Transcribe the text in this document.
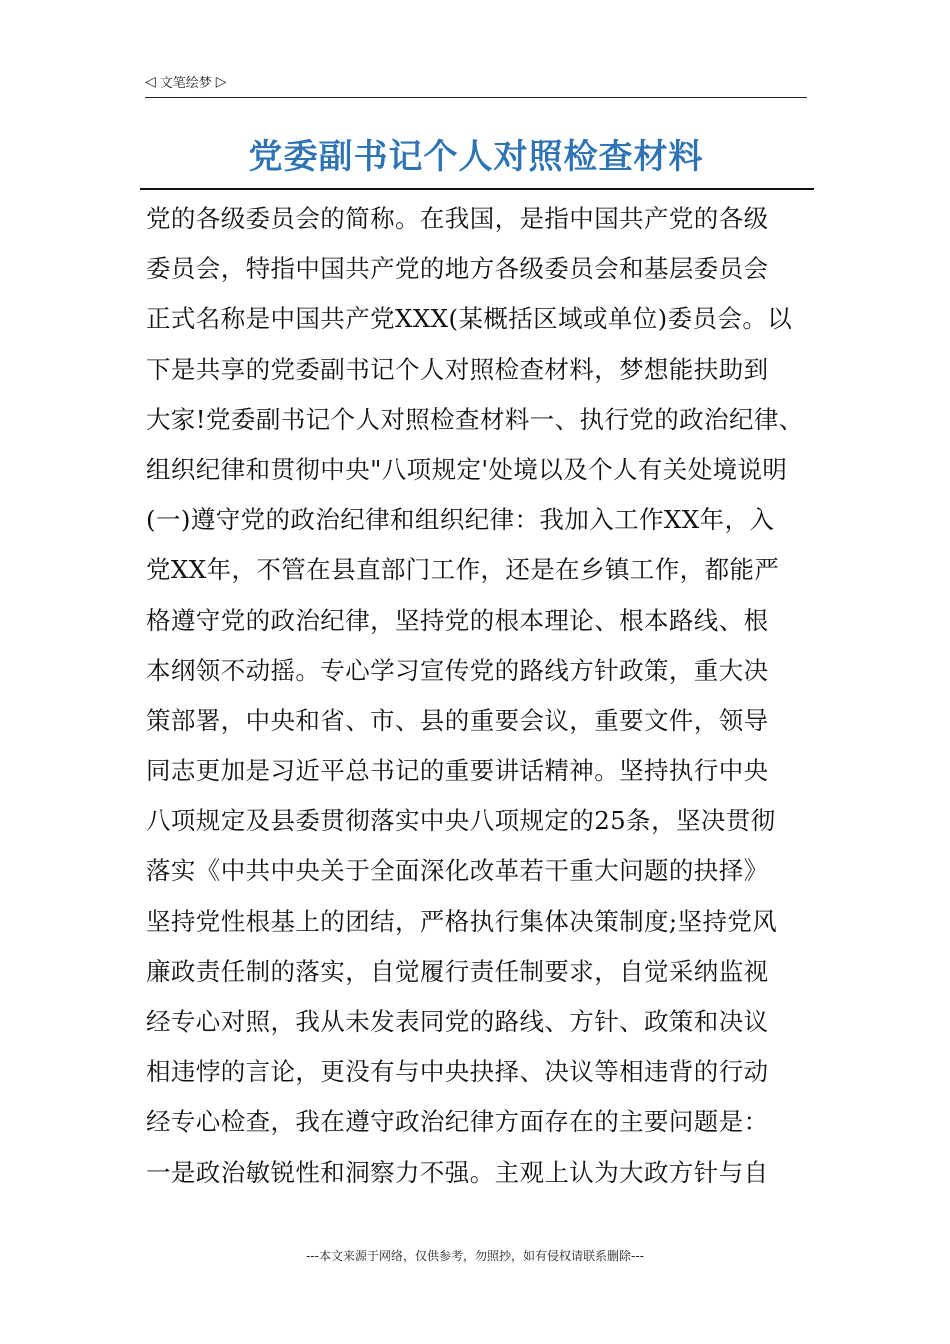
◁ 文笔绘梦 ▷
党委副书记个人对照检查材料
党的各级委员会的简称。在我国，是指中国共产党的各级
委员会，特指中国共产党的地方各级委员会和基层委员会
正式名称是中国共产党XXX(某概括区域或单位)委员会。以
下是共享的党委副书记个人对照检查材料，梦想能扶助到
大家!党委副书记个人对照检查材料一、执行党的政治纪律、
组织纪律和贯彻中央"八项规定'处境以及个人有关处境说明
(一)遵守党的政治纪律和组织纪律：我加入工作XX年，入
党XX年，不管在县直部门工作，还是在乡镇工作，都能严
格遵守党的政治纪律，坚持党的根本理论、根本路线、根
本纲领不动摇。专心学习宣传党的路线方针政策，重大决
策部署，中央和省、市、县的重要会议，重要文件，领导
同志更加是习近平总书记的重要讲话精神。坚持执行中央
八项规定及县委贯彻落实中央八项规定的25条，坚决贯彻
落实《中共中央关于全面深化改革若干重大问题的抉择》
坚持党性根基上的团结，严格执行集体决策制度;坚持党风
廉政责任制的落实，自觉履行责任制要求，自觉采纳监视
经专心对照，我从未发表同党的路线、方针、政策和决议
相违悖的言论，更没有与中央抉择、决议等相违背的行动
经专心检查，我在遵守政治纪律方面存在的主要问题是：
一是政治敏锐性和洞察力不强。主观上认为大政方针与自
---本文来源于网络，仅供参考，勿照抄，如有侵权请联系删除---
